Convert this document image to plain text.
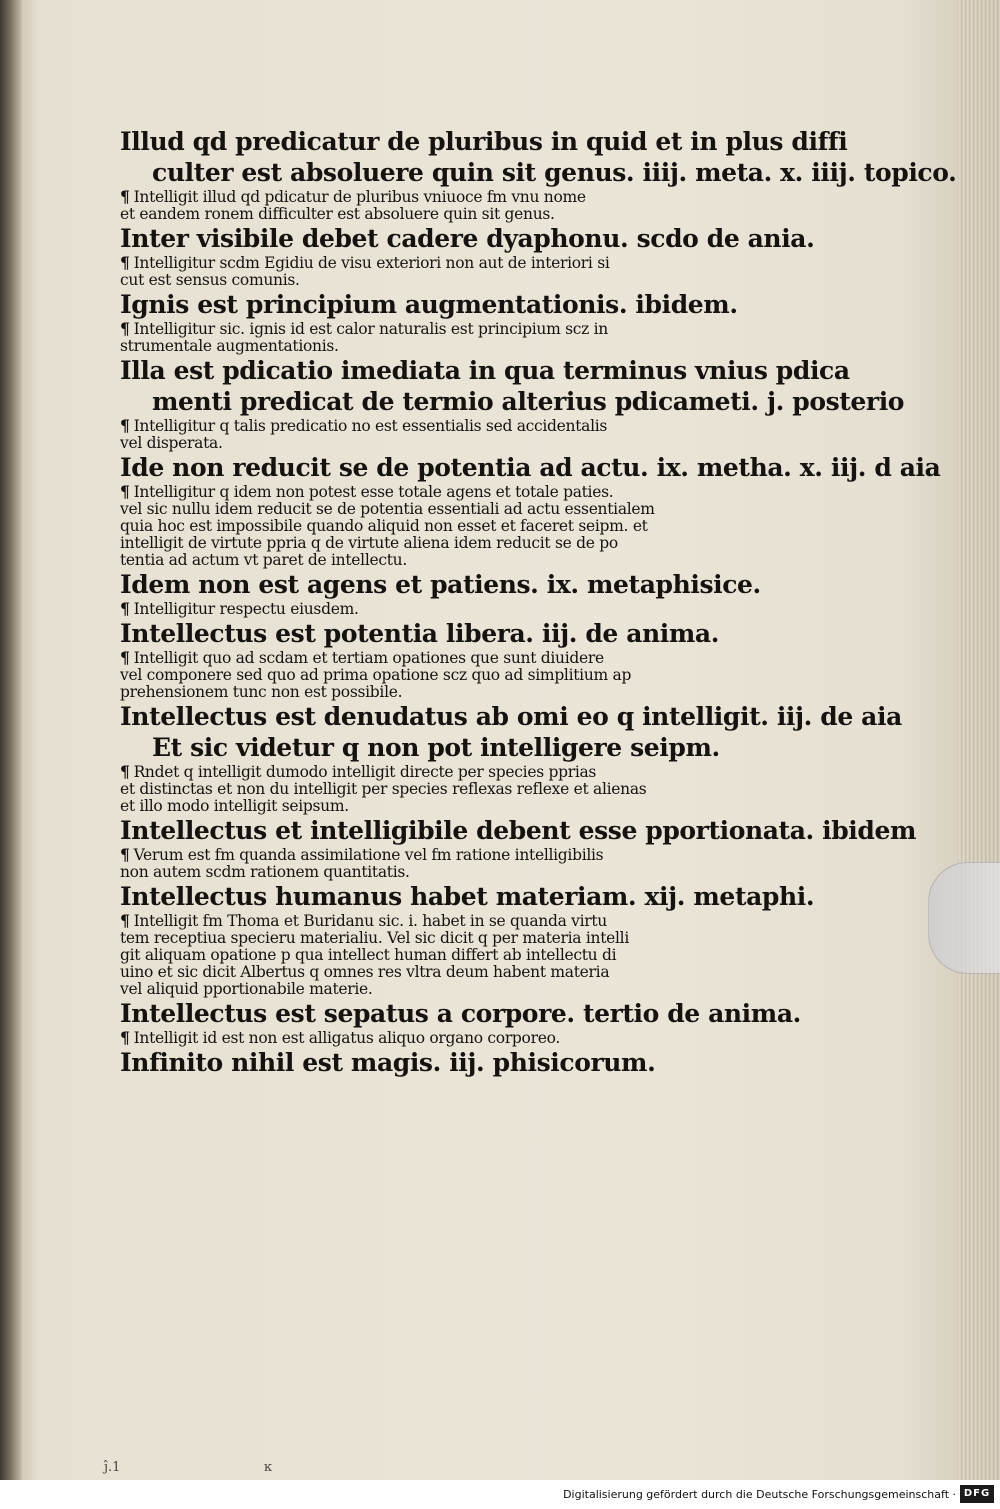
Illud qd predicatur de pluribus in quid et in plus diffi
culter est absoluere quin sit genus. iiij. meta. x. iiij. topico.
¶ Intelligit illud qd pdicatur de pluribus vniuoce fm vnu nome
et eandem ronem difficulter est absoluere quin sit genus.
Inter visibile debet cadere dyaphonu. scdo de ania.
¶ Intelligitur scdm Egidiu de visu exteriori non aut de interiori si
cut est sensus comunis.
Ignis est principium augmentationis. ibidem.
¶ Intelligitur sic. ignis id est calor naturalis est principium scz in
strumentale augmentationis.
Illa est pdicatio imediata in qua terminus vnius pdica
menti predicat de termio alterius pdicameti. j. posterio
¶ Intelligitur q talis predicatio no est essentialis sed accidentalis
vel disperata.
Ide non reducit se de potentia ad actu. ix. metha. x. iij. d aia
¶ Intelligitur q idem non potest esse totale agens et totale paties.
vel sic nullu idem reducit se de potentia essentiali ad actu essentialem
quia hoc est impossibile quando aliquid non esset et faceret seipm. et
intelligit de virtute ppria q de virtute aliena idem reducit se de po
tentia ad actum vt paret de intellectu.
Idem non est agens et patiens. ix. metaphisice.
¶ Intelligitur respectu eiusdem.
Intellectus est potentia libera. iij. de anima.
¶ Intelligit quo ad scdam et tertiam opationes que sunt diuidere
vel componere sed quo ad prima opatione scz quo ad simplitium ap
prehensionem tunc non est possibile.
Intellectus est denudatus ab omi eo q intelligit. iij. de aia
Et sic videtur q non pot intelligere seipm.
¶ Rndet q intelligit dumodo intelligit directe per species pprias
et distinctas et non du intelligit per species reflexas reflexe et alienas
et illo modo intelligit seipsum.
Intellectus et intelligibile debent esse pportionata. ibidem
¶ Verum est fm quanda assimilatione vel fm ratione intelligibilis
non autem scdm rationem quantitatis.
Intellectus humanus habet materiam. xij. metaphi.
¶ Intelligit fm Thoma et Buridanu sic. i. habet in se quanda virtu
tem receptiua specieru materialiu. Vel sic dicit q per materia intelli
git aliquam opatione p qua intellect human differt ab intellectu di
uino et sic dicit Albertus q omnes res vltra deum habent materia
vel aliquid pportionabile materie.
Intellectus est sepatus a corpore. tertio de anima.
¶ Intelligit id est non est alligatus aliquo organo corporeo.
Infinito nihil est magis. iij. phisicorum.
ĵ.1	ĸ
Digitalisierung gefördert durch die Deutsche Forschungsgemeinschaft · DFG
